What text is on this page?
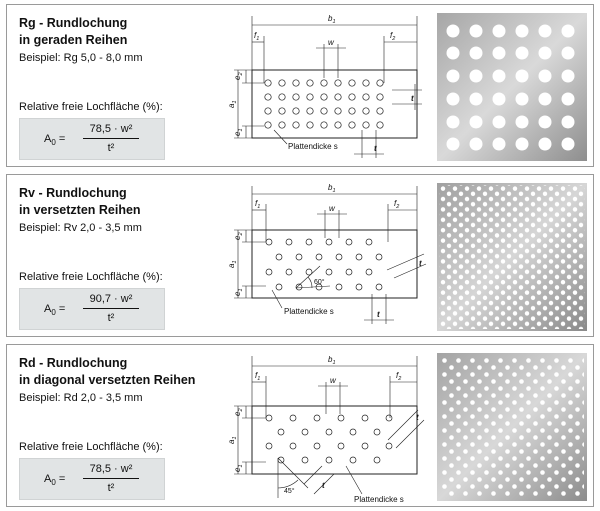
Rg - Rundlochung
in geraden Reihen
Beispiel: Rg 5,0 - 8,0 mm
Relative freie Lochfläche (%):
$A_0$ =
78,5 · w²
t²
$b_1$
$f_1$	$f_2$
w
t
t
$e_2$
$a_1$
$e_1$
Plattendicke s
Rv - Rundlochung
in versetzten Reihen
Beispiel: Rv 2,0 - 3,5 mm
Relative freie Lochfläche (%):
$A_0$ =
90,7 · w²
t²
$b_1$
$f_1$	$f_2$
w
t
t
60°
$e_2$
$a_1$
$e_1$
Plattendicke s
Rd - Rundlochung
in diagonal versetzten Reihen
Beispiel: Rd 2,0 - 3,5 mm
Relative freie Lochfläche (%):
$A_0$ =
78,5 · w²
t²
$b_1$
$f_1$	$f_2$
w
t
t
45°
$e_2$
$a_1$
$e_1$
Plattendicke s
